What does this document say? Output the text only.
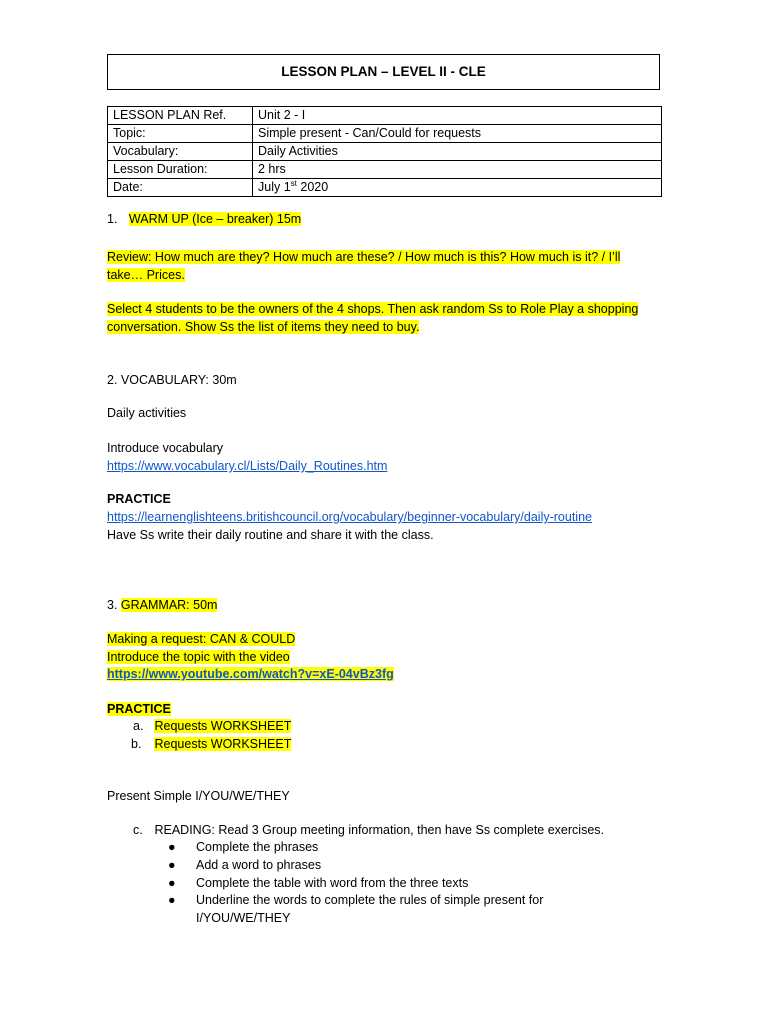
LESSON PLAN – LEVEL II - CLE
LESSON PLAN Ref.	Unit 2 - I
Topic:	Simple present - Can/Could for requests
Vocabulary:	Daily Activities
Lesson Duration:	2 hrs
Date:	July 1st 2020
1. WARM UP (Ice – breaker) 15m
Review: How much are they? How much are these? / How much is this? How much is it? / I’ll
take… Prices.
Select 4 students to be the owners of the 4 shops. Then ask random Ss to Role Play a shopping
conversation. Show Ss the list of items they need to buy.
2. VOCABULARY: 30m
Daily activities
Introduce vocabulary
https://www.vocabulary.cl/Lists/Daily_Routines.htm
PRACTICE
https://learnenglishteens.britishcouncil.org/vocabulary/beginner-vocabulary/daily-routine
Have Ss write their daily routine and share it with the class.
3. GRAMMAR: 50m
Making a request: CAN & COULD
Introduce the topic with the video
https://www.youtube.com/watch?v=xE-04vBz3fg
PRACTICE
a. Requests WORKSHEET
b. Requests WORKSHEET
Present Simple I/YOU/WE/THEY
c. READING: Read 3 Group meeting information, then have Ss complete exercises.
● Complete the phrases
● Add a word to phrases
● Complete the table with word from the three texts
● Underline the words to complete the rules of simple present for
I/YOU/WE/THEY
